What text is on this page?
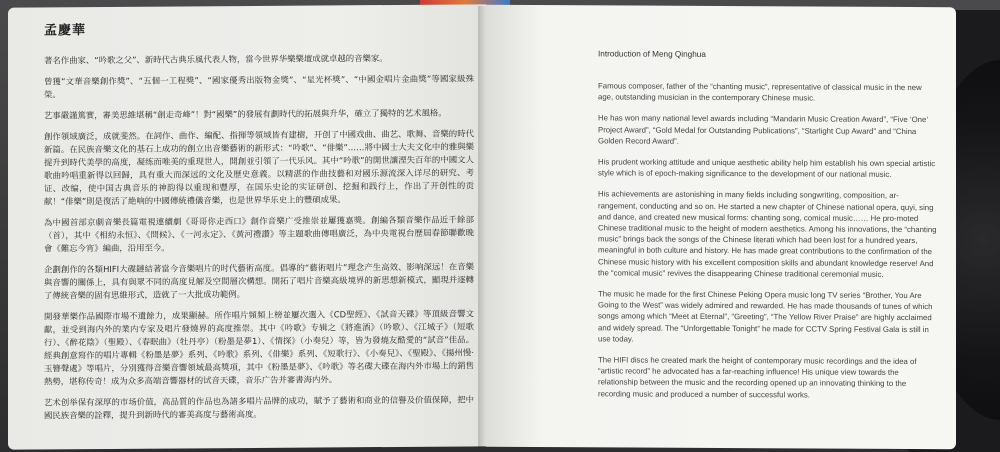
孟慶華

著名作曲家、“吟歌之父”、新時代古典乐風代表人物，當今世界华樂樂壇成就卓越的音樂家。

曾獲“文華音樂創作獎”、“五個一工程獎”、“國家優秀出版物金獎”、“星光杯獎”、“中國金唱片金曲獎”等國家級殊榮。

艺事嚴謹篤實，審美思維堪稱“創走奇峰”！對“國樂”的發展有劃時代的拓展與升华，確立了獨特的艺术風格。

創作領域廣泛，成就斐然。在詞作、曲作、編配、指揮等領域皆有建樹，开创了中國戏曲、曲艺、歌舞、音樂的時代新篇。在民族音樂文化的基石上成功的創立出音樂藝術的新形式：“吟歌”、“俳樂”……將中國士大夫文化中的雅與樂提升到時代美學的高度，凝练而唯美的重现世人，開創並引領了一代乐风。其中“吟歌”的開世讓湮失百年的中國文人歌曲吟唱重新得以回歸，具有重大而深远的文化及歷史意義。以精湛的作曲技藝和对國乐源流深入详尽的研究、考证、改编，使中国古典音乐的神韵得以重现和豐厚，在国乐史论的实证研创、挖掘和践行上，作出了开创性的贡献！“俳樂”則是復活了絶响的中國傳統禮儀音樂，也是世界华乐史上的豐碩成果。

為中國首部京劇音樂長篇電視連續劇《哥哥你走西口》創作音樂广受推崇並屢獲嘉獎。創編各類音樂作品近千餘部（首），其中《相約永恒》、《問候》、《一河永定》、《黃河禮讚》等主題歌曲傳唱廣泛，為中央電視台歷屆春節聯歡晚會《難忘今宵》編曲，沿用至今。

企劃創作的各類HIFI大碟鏈結著當今音樂唱片的时代藝術高度。倡導的“藝術唱片”理念产生高效、影响深远！在音樂與音響的關係上，具有與眾不同的高度見解及空間層次構想。開拓了唱片音樂高級境界的新思想新模式，顯現并逐轉了傳統音樂的固有思維形式，造就了一大批成功範例。

開發華樂作品國際市場不遺餘力，成果顯赫。所作唱片頻頻上榜並屢次選入《CD聖經》、《試音天碟》等頂級音響文獻，並受到海内外的業内专家及唱片發燒界的高度推崇。其中《吟歌》专辑之《將進酒》（吟歌）、《江城子》（短歌行）、《醉花陰》（聖殿）、《春眠曲》（牡丹亭）（粉墨是夢1）、《情探》（小奏兒）等，皆为發燒友酷愛的“試音”佳品。經典創意寫作的唱片專輯《粉墨是夢》系列、《吟歌》系列、《俳樂》系列、《短歌行》、《小奏兒》、《聖殿》、《揚州慢·玉簪聲處》等唱片，分別獲得音樂音響領域最高獎項，其中《粉墨是夢》、《吟歌》等名碟大碟在海内外市場上的銷售熱勢，堪称传奇！成为众多高端音響器材的试音天碟，音乐广告并審書海内外。

艺术创举保有深厚的市场价值，高品質的作品也為諸多唱片品牌的成功，賦予了藝術和商业的信譽及价值保障，把中國民族音樂的詮釋，提升到新時代的審美高度与藝術高度。

Introduction of Meng Qinghua

Famous composer, father of the “chanting music”, representative of classical music in the new age, outstanding musician in the contemporary Chinese music.

He has won many national level awards including “Mandarin Music Creation Award”, “Five ‘One’ Project Award”, “Gold Medal for Outstanding Publications”, “Starlight Cup Award” and “China Golden Record Award”.

His prudent working attitude and unique aesthetic ability help him establish his own special artistic style which is of epoch-making significance to the development of our national music.

His achievements are astonishing in many fields including songwriting, composition, ar-rangement, conducting and so on. He started a new chapter of Chinese national opera, quyi, sing and dance, and created new musical forms: chanting song, comical music…… He pro-moted Chinese traditional music to the height of modern aesthetics. Among his innovations, the “chanting music” brings back the songs of the Chinese literati which had been lost for a hundred years, meaningful in both culture and history. He has made great contributions to the confirmation of the Chinese music history with his excellent composition skills and abundant knowledge reserve! And the “comical music” revives the disappearing Chinese traditional ceremonial music.

The music he made for the first Chinese Peking Opera music long TV series “Brother, You Are Going to the West” was widely admired and rewarded. He has made thousands of tunes of which songs among which “Meet at Eternal”, “Greeting”, “The Yellow River Praise” are highly acclaimed and widely spread. The “Unforgettable Tonight” he made for CCTV Spring Festival Gala is still in use today.

The HIFI discs he created mark the height of contemporary music recordings and the idea of “artistic record” he advocated has a far-reaching influence! His unique view towards the relationship between the music and the recording opened up an innovating thinking to the recording music and produced a number of successful works.
